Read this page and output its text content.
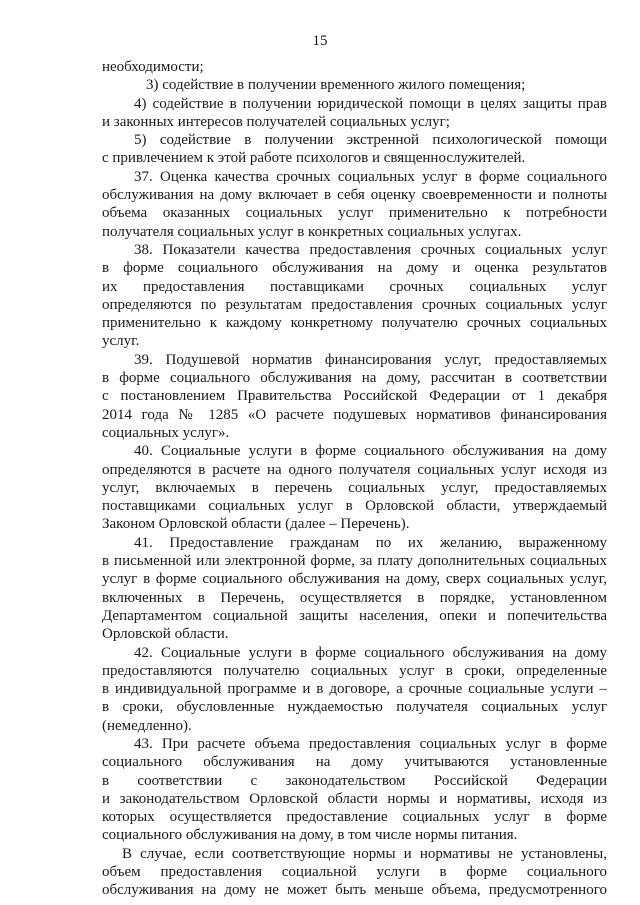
15
необходимости;
3) содействие в получении временного жилого помещения;
4) содействие в получении юридической помощи в целях защиты прав
и законных интересов получателей социальных услуг;
5) содействие в получении экстренной психологической помощи
с привлечением к этой работе психологов и священнослужителей.
37. Оценка качества срочных социальных услуг в форме социального
обслуживания на дому включает в себя оценку своевременности и полноты
объема оказанных социальных услуг применительно к потребности
получателя социальных услуг в конкретных социальных услугах.
38. Показатели качества предоставления срочных социальных услуг
в форме социального обслуживания на дому и оценка результатов
их предоставления поставщиками срочных социальных услуг
определяются по результатам предоставления срочных социальных услуг
применительно к каждому конкретному получателю срочных социальных
услуг.
39. Подушевой норматив финансирования услуг, предоставляемых
в форме социального обслуживания на дому, рассчитан в соответствии
с постановлением Правительства Российской Федерации от 1 декабря
2014 года № 1285 «О расчете подушевых нормативов финансирования
социальных услуг».
40. Социальные услуги в форме социального обслуживания на дому
определяются в расчете на одного получателя социальных услуг исходя из
услуг, включаемых в перечень социальных услуг, предоставляемых
поставщиками социальных услуг в Орловской области, утверждаемый
Законом Орловской области (далее – Перечень).
41. Предоставление гражданам по их желанию, выраженному
в письменной или электронной форме, за плату дополнительных социальных
услуг в форме социального обслуживания на дому, сверх социальных услуг,
включенных в Перечень, осуществляется в порядке, установленном
Департаментом социальной защиты населения, опеки и попечительства
Орловской области.
42. Социальные услуги в форме социального обслуживания на дому
предоставляются получателю социальных услуг в сроки, определенные
в индивидуальной программе и в договоре, а срочные социальные услуги –
в сроки, обусловленные нуждаемостью получателя социальных услуг
(немедленно).
43. При расчете объема предоставления социальных услуг в форме
социального обслуживания на дому учитываются установленные
в соответствии с законодательством Российской Федерации
и законодательством Орловской области нормы и нормативы, исходя из
которых осуществляется предоставление социальных услуг в форме
социального обслуживания на дому, в том числе нормы питания.
В случае, если соответствующие нормы и нормативы не установлены,
объем предоставления социальной услуги в форме социального
обслуживания на дому не может быть меньше объема, предусмотренного
